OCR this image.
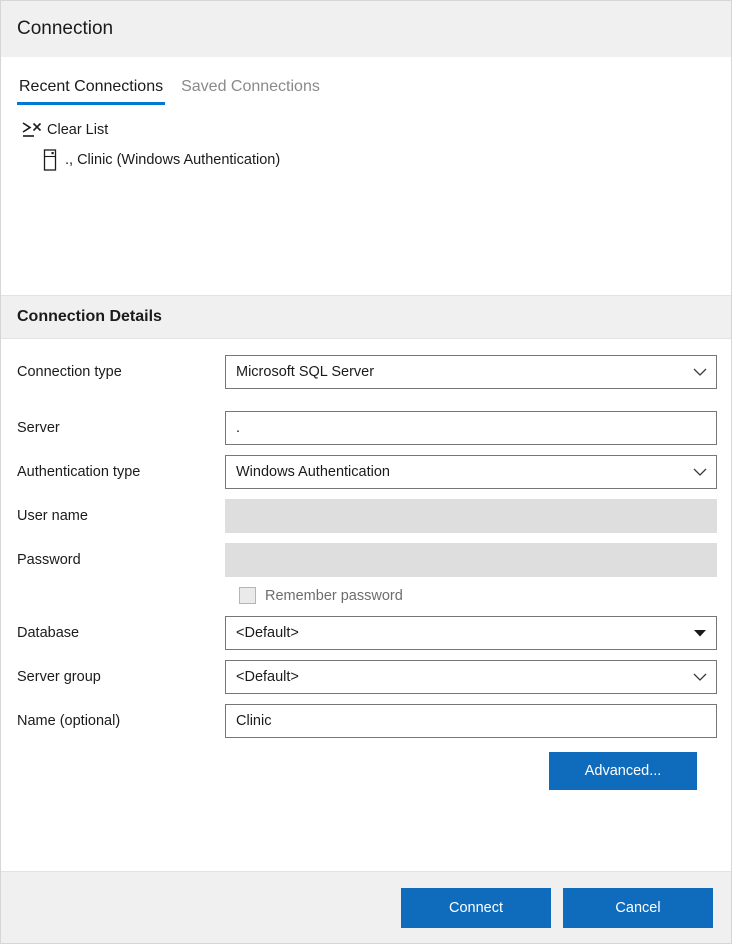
Connection
Recent Connections Saved Connections
Clear List
., Clinic (Windows Authentication)
Connection Details
Connection type	Microsoft SQL Server
Server	.
Authentication type	Windows Authentication
User name
Password
Remember password
Database	<Default>
Server group	<Default>
Name (optional)	Clinic
Advanced...
Connect	Cancel
